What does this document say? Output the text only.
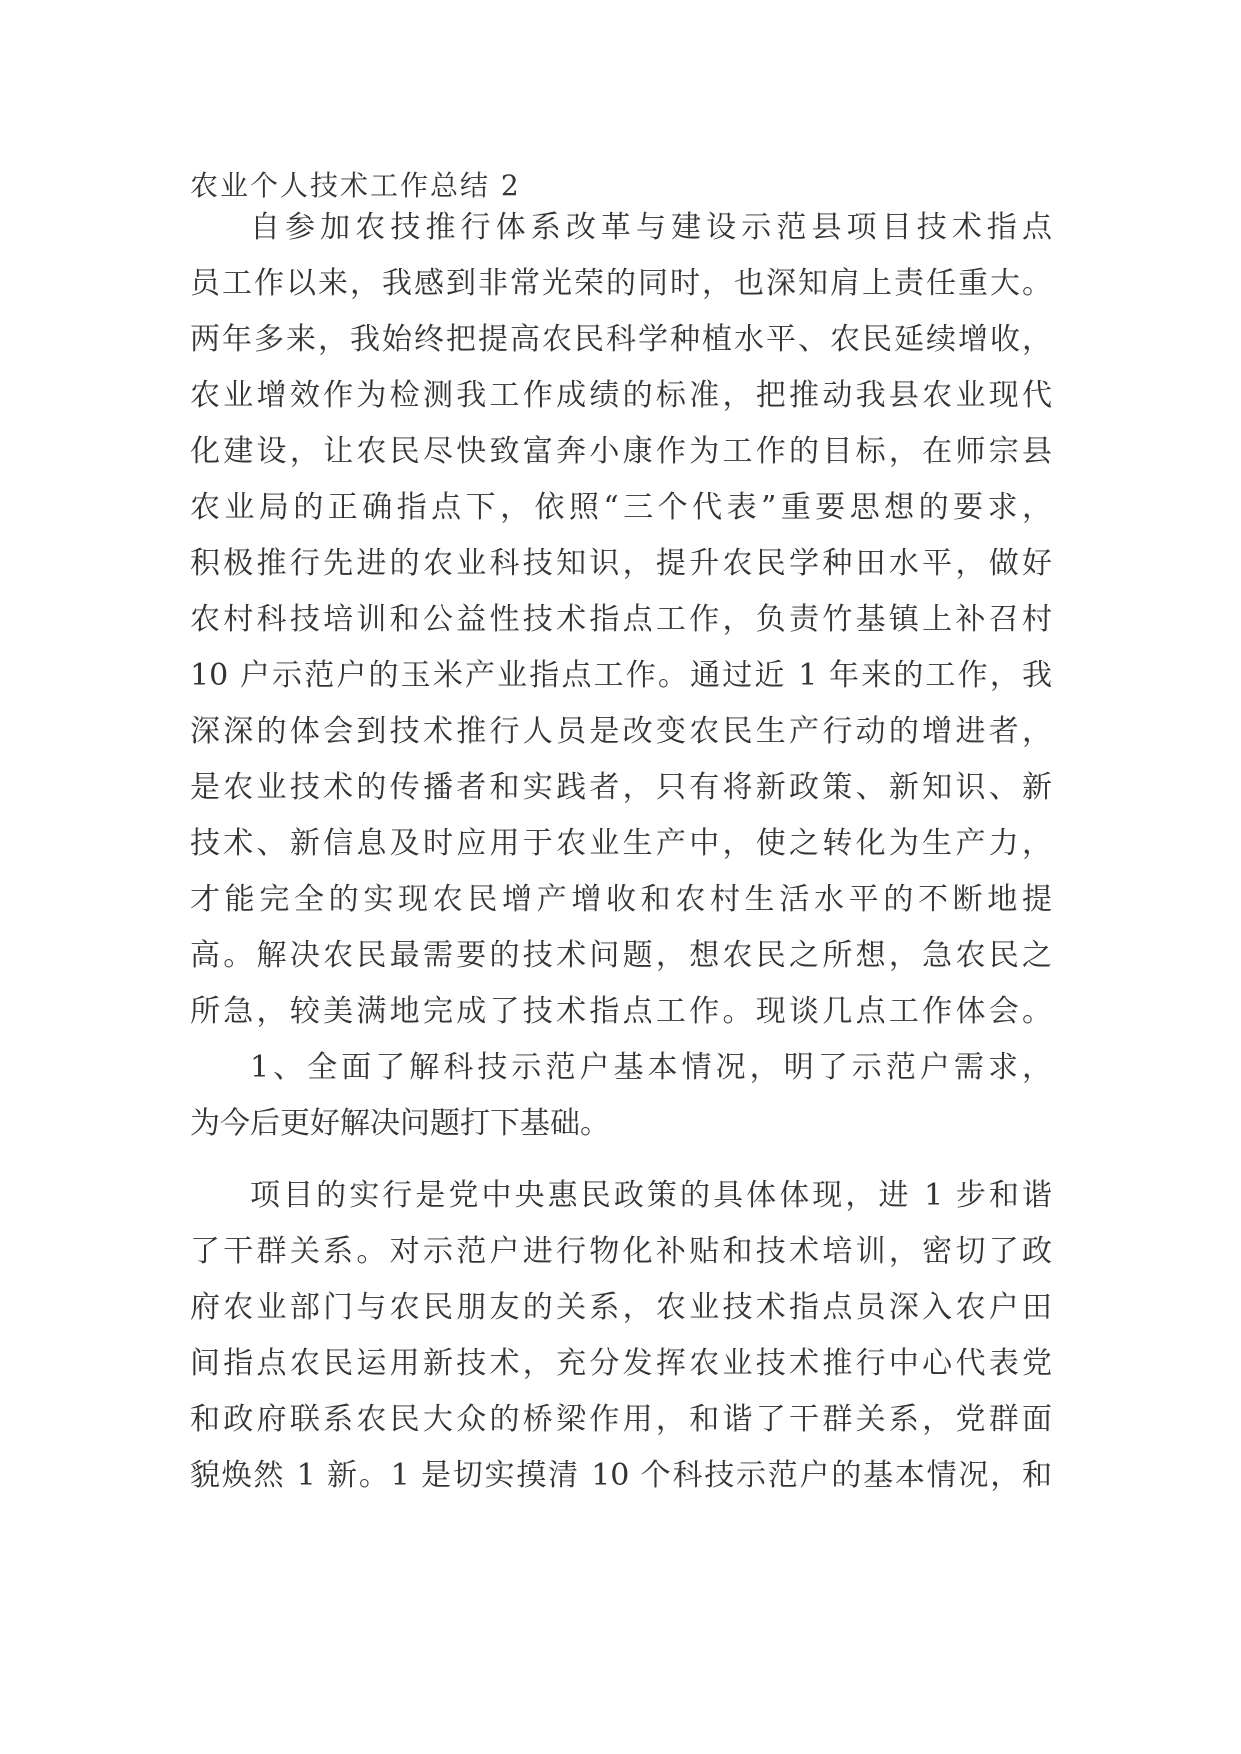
农业个人技术工作总结 2
自参加农技推行体系改革与建设示范县项目技术指点
员工作以来，我感到非常光荣的同时，也深知肩上责任重大。
两年多来，我始终把提高农民科学种植水平、农民延续增收，
农业增效作为检测我工作成绩的标准，把推动我县农业现代
化建设，让农民尽快致富奔小康作为工作的目标，在师宗县
农业局的正确指点下，依照“三个代表”重要思想的要求，
积极推行先进的农业科技知识，提升农民学种田水平，做好
农村科技培训和公益性技术指点工作，负责竹基镇上补召村
10 户示范户的玉米产业指点工作。通过近 1 年来的工作，我
深深的体会到技术推行人员是改变农民生产行动的增进者，
是农业技术的传播者和实践者，只有将新政策、新知识、新
技术、新信息及时应用于农业生产中，使之转化为生产力，
才能完全的实现农民增产增收和农村生活水平的不断地提
高。解决农民最需要的技术问题，想农民之所想，急农民之
所急，较美满地完成了技术指点工作。现谈几点工作体会。
1、全面了解科技示范户基本情况，明了示范户需求，
为今后更好解决问题打下基础。
项目的实行是党中央惠民政策的具体体现，进 1 步和谐
了干群关系。对示范户进行物化补贴和技术培训，密切了政
府农业部门与农民朋友的关系，农业技术指点员深入农户田
间指点农民运用新技术，充分发挥农业技术推行中心代表党
和政府联系农民大众的桥梁作用，和谐了干群关系，党群面
貌焕然 1 新。1 是切实摸清 10 个科技示范户的基本情况，和
